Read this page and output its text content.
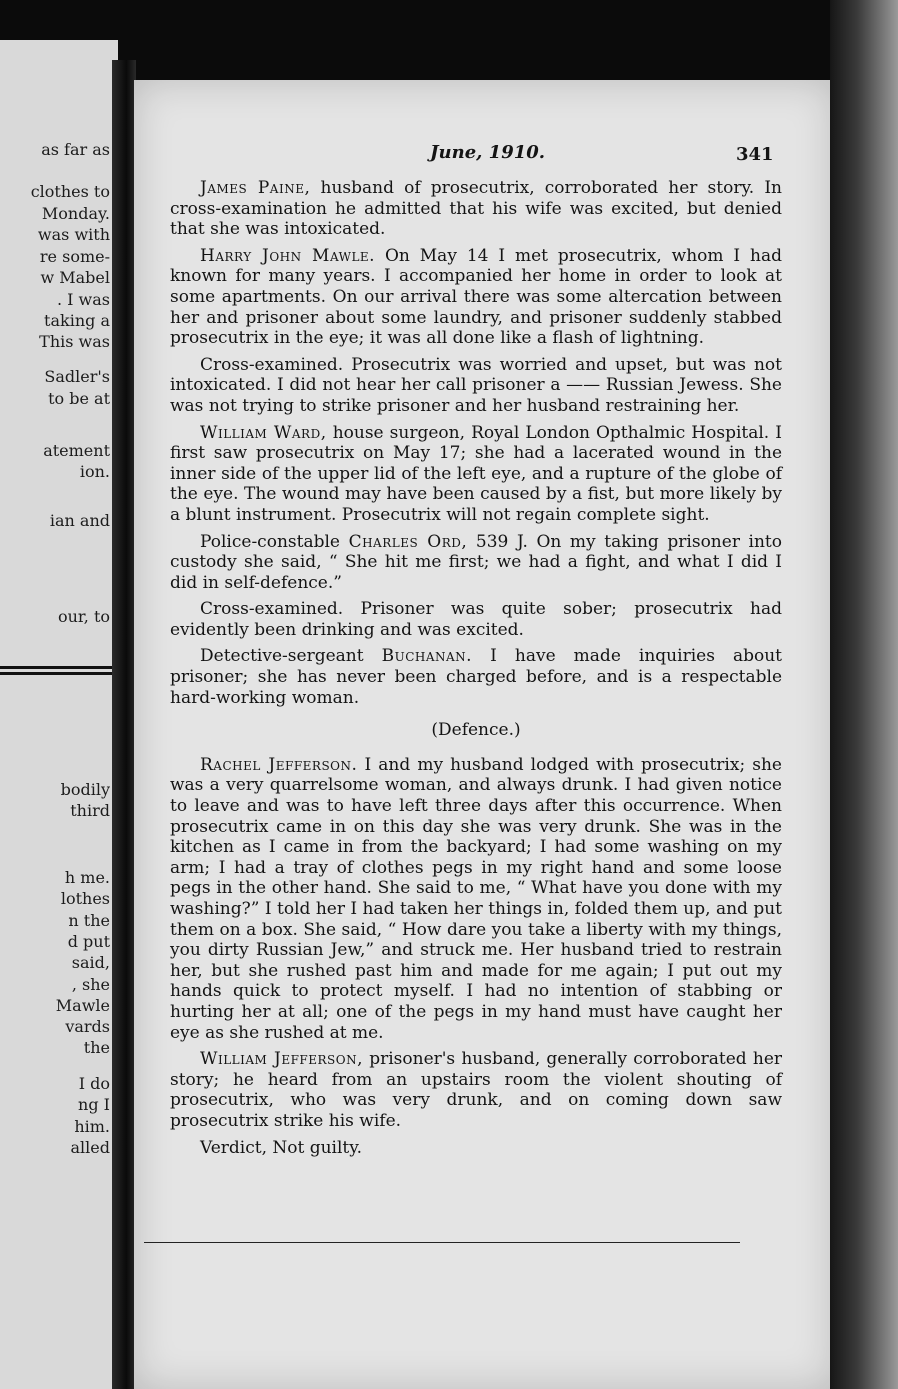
as far as
clothes to
Monday.
was with
re some-
w Mabel
. I was
taking a
This was
Sadler's
to be at
atement
ion.
ian and
our, to
bodily
third
h me.
lothes
n the
d put
said,
, she
Mawle
vards
the
I do
ng I
him.
alled
June, 1910.	341

James Paine, husband of prosecutrix, corroborated her story. In cross-examination he admitted that his wife was excited, but denied that she was intoxicated.

Harry John Mawle. On May 14 I met prosecutrix, whom I had known for many years. I accompanied her home in order to look at some apartments. On our arrival there was some altercation between her and prisoner about some laundry, and prisoner suddenly stabbed prosecutrix in the eye; it was all done like a flash of lightning.

Cross-examined. Prosecutrix was worried and upset, but was not intoxicated. I did not hear her call prisoner a —— Russian Jewess. She was not trying to strike prisoner and her husband restraining her.

William Ward, house surgeon, Royal London Opthalmic Hospital. I first saw prosecutrix on May 17; she had a lacerated wound in the inner side of the upper lid of the left eye, and a rupture of the globe of the eye. The wound may have been caused by a fist, but more likely by a blunt instrument. Prosecutrix will not regain complete sight.

Police-constable Charles Ord, 539 J. On my taking prisoner into custody she said, “ She hit me first; we had a fight, and what I did I did in self-defence.”

Cross-examined. Prisoner was quite sober; prosecutrix had evidently been drinking and was excited.

Detective-sergeant Buchanan. I have made inquiries about prisoner; she has never been charged before, and is a respectable hard-working woman.

(Defence.)

Rachel Jefferson. I and my husband lodged with prosecutrix; she was a very quarrelsome woman, and always drunk. I had given notice to leave and was to have left three days after this occurrence. When prosecutrix came in on this day she was very drunk. She was in the kitchen as I came in from the backyard; I had some washing on my arm; I had a tray of clothes pegs in my right hand and some loose pegs in the other hand. She said to me, “ What have you done with my washing?” I told her I had taken her things in, folded them up, and put them on a box. She said, “ How dare you take a liberty with my things, you dirty Russian Jew,” and struck me. Her husband tried to restrain her, but she rushed past him and made for me again; I put out my hands quick to protect myself. I had no intention of stabbing or hurting her at all; one of the pegs in my hand must have caught her eye as she rushed at me.

William Jefferson, prisoner's husband, generally corroborated her story; he heard from an upstairs room the violent shouting of prosecutrix, who was very drunk, and on coming down saw prosecutrix strike his wife.

Verdict, Not guilty.
